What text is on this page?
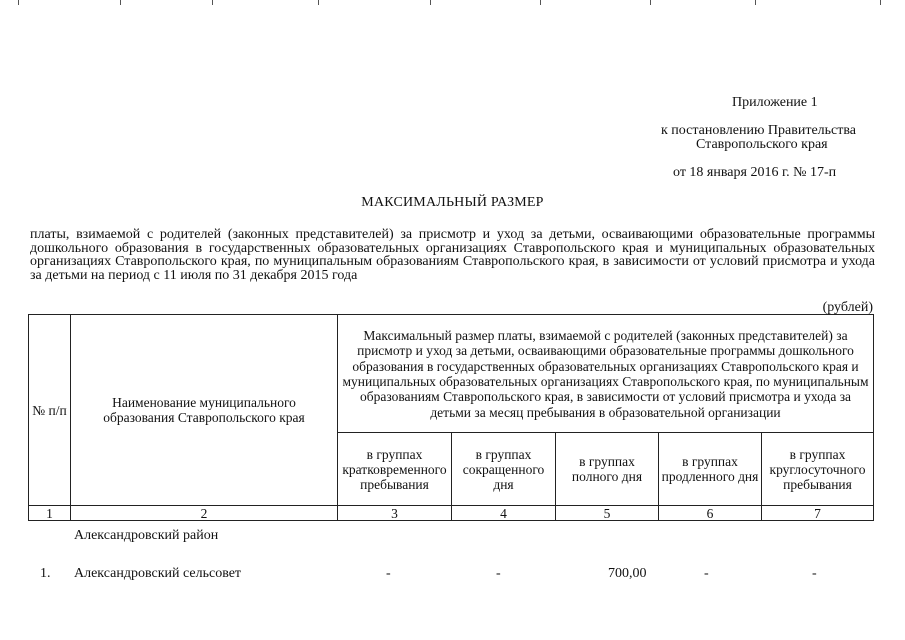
Приложение 1
к постановлению Правительства
Ставропольского края
от 18 января 2016 г. № 17-п
МАКСИМАЛЬНЫЙ РАЗМЕР
платы, взимаемой с родителей (законных представителей) за присмотр и уход за детьми, осваивающими образовательные программы дошкольного образования в государственных образовательных организациях Ставропольского края и муниципальных образовательных организациях Ставропольского края, по муниципальным образованиям Ставропольского края, в зависимости от условий присмотра и ухода за детьми на период с 11 июля по 31 декабря 2015 года
(рублей)
№ п/п	Наименование муниципального образования Ставропольского края	Максимальный размер платы, взимаемой с родителей (законных представителей) за присмотр и уход за детьми, осваивающими образовательные программы дошкольного образования в государственных образовательных организациях Ставропольского края и муниципальных образовательных организациях Ставропольского края, по муниципальным образованиям Ставропольского края, в зависимости от условий присмотра и ухода за детьми за месяц пребывания в образовательной организации				
		в группах кратковременного пребывания	в группах сокращенного дня	в группах полного дня	в группах продленного дня	в группах круглосуточного пребывания
1	2	3	4	5	6	7
Александровский район
1. Александровский сельсовет	-	-	700,00	-	-
